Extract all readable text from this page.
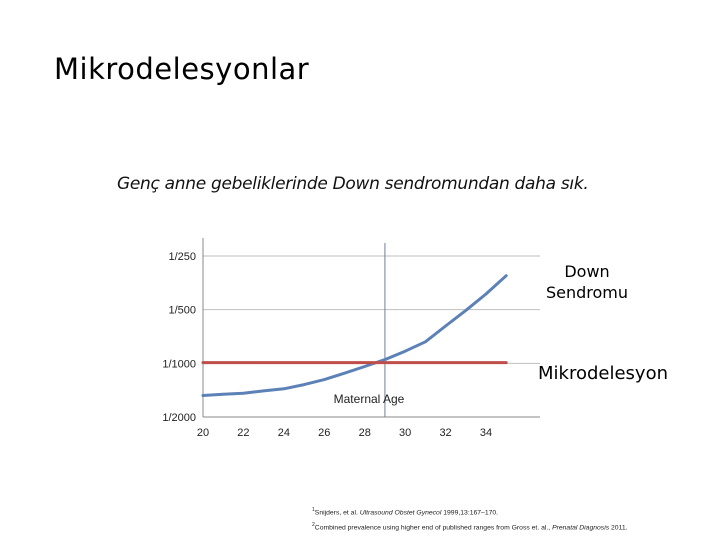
Mikrodelesyonlar
Genç anne gebeliklerinde Down sendromundan daha sık.
1/250
1/500
1/1000
1/2000
20	22	24	26	28	30	32	34
Down Sendromu
Mikrodelesyon
Maternal Age
$^1$Snijders, et al. Ultrasound Obstet Gynecol 1999,13:167–170.
$^2$Combined prevalence using higher end of published ranges from Gross et. al., Prenatal Diagnosis 2011.
